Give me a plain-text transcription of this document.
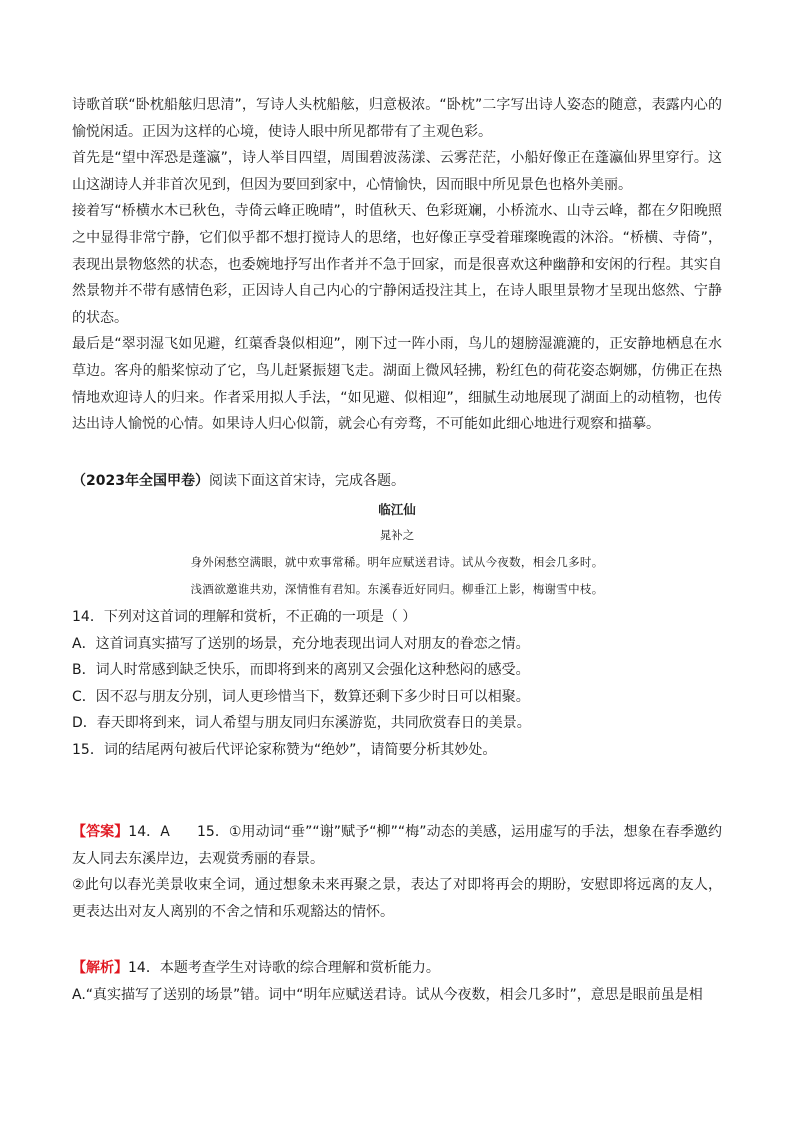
诗歌首联“卧枕船舷归思清”，写诗人头枕船舷，归意极浓。“卧枕”二字写出诗人姿态的随意，表露内心的愉悦闲适。正因为这样的心境，使诗人眼中所见都带有了主观色彩。

首先是“望中浑恐是蓬瀛”，诗人举目四望，周围碧波荡漾、云雾茫茫，小船好像正在蓬瀛仙界里穿行。这山这湖诗人并非首次见到，但因为要回到家中，心情愉快，因而眼中所见景色也格外美丽。

接着写“桥横水木已秋色，寺倚云峰正晚晴”，时值秋天、色彩斑斓，小桥流水、山寺云峰，都在夕阳晚照之中显得非常宁静，它们似乎都不想打搅诗人的思绪，也好像正享受着璀璨晚霞的沐浴。“桥横、寺倚”，表现出景物悠然的状态，也委婉地抒写出作者并不急于回家，而是很喜欢这种幽静和安闲的行程。其实自然景物并不带有感情色彩，正因诗人自己内心的宁静闲适投注其上，在诗人眼里景物才呈现出悠然、宁静的状态。

最后是“翠羽湿飞如见避，红蕖香袅似相迎”，刚下过一阵小雨，鸟儿的翅膀湿漉漉的，正安静地栖息在水草边。客舟的船桨惊动了它，鸟儿赶紧振翅飞走。湖面上微风轻拂，粉红色的荷花姿态婀娜，仿佛正在热情地欢迎诗人的归来。作者采用拟人手法，“如见避、似相迎”，细腻生动地展现了湖面上的动植物，也传达出诗人愉悦的心情。如果诗人归心似箭，就会心有旁骛，不可能如此细心地进行观察和描摹。

（2023年全国甲卷）阅读下面这首宋诗，完成各题。

临江仙
晁补之
身外闲愁空满眼，就中欢事常稀。明年应赋送君诗。试从今夜数，相会几多时。
浅酒欲邀谁共劝，深情惟有君知。东溪春近好同归。柳垂江上影，梅谢雪中枝。

14．下列对这首词的理解和赏析，不正确的一项是（ ）

A．这首词真实描写了送别的场景，充分地表现出词人对朋友的眷恋之情。

B．词人时常感到缺乏快乐，而即将到来的离别又会强化这种愁闷的感受。

C．因不忍与朋友分别，词人更珍惜当下，数算还剩下多少时日可以相聚。

D．春天即将到来，词人希望与朋友同归东溪游览，共同欣赏春日的美景。

15．词的结尾两句被后代评论家称赞为“绝妙”，请简要分析其妙处。

【答案】14．A 15．①用动词“垂”“谢”赋予“柳”“梅”动态的美感，运用虚写的手法，想象在春季邀约友人同去东溪岸边，去观赏秀丽的春景。

②此句以春光美景收束全词，通过想象未来再聚之景，表达了对即将再会的期盼，安慰即将远离的友人，更表达出对友人离别的不舍之情和乐观豁达的情怀。

【解析】14．本题考查学生对诗歌的综合理解和赏析能力。

A.“真实描写了送别的场景”错。词中“明年应赋送君诗。试从今夜数，相会几多时”，意思是眼前虽是相
